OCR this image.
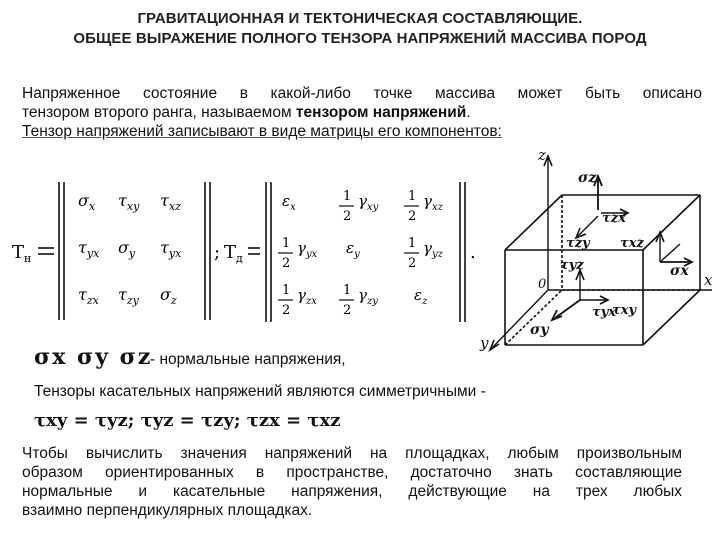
ГРАВИТАЦИОННАЯ И ТЕКТОНИЧЕСКАЯ СОСТАВЛЯЮЩИЕ.
ОБЩЕЕ ВЫРАЖЕНИЕ ПОЛНОГО ТЕНЗОРА НАПРЯЖЕНИЙ МАССИВА ПОРОД
Напряженное состояние в какой-либо точке массива может быть описано
тензором второго ранга, называемом тензором напряжений.
Тензор напряжений записывают в виде матрицы его компонентов:
T н
$\sigma_x$ $\tau_{xy}$ $\tau_{xz}$
$\tau_{yx}$ $\sigma_y$ $\tau_{yx}$
$\tau_{zx}$ $\tau_{zy}$ $\sigma_z$
; T д
$\varepsilon_x$
1
2
$\gamma_{xy}$
1
2
$\gamma_{xz}$
1
2
$\gamma_{yx}$ $\varepsilon_y$
1
2
$\gamma_{yz}$
1
2
$\gamma_{zx}$
1
2
$\gamma_{zy}$ $\varepsilon_z$
.
z
x
y
0
σz
τzx
τzy τxz
σx
τyz
τyx
τxy
σy
σx σy σz
- нормальные напряжения,
Тензоры касательных напряжений являются симметричными -
τxy = τyz; τyz = τzy; τzx = τxz
Чтобы вычислить значения напряжений на площадках, любым произвольным
образом ориентированных в пространстве, достаточно знать составляющие
нормальные и касательные напряжения, действующие на трех любых
взаимно перпендикулярных площадках.
